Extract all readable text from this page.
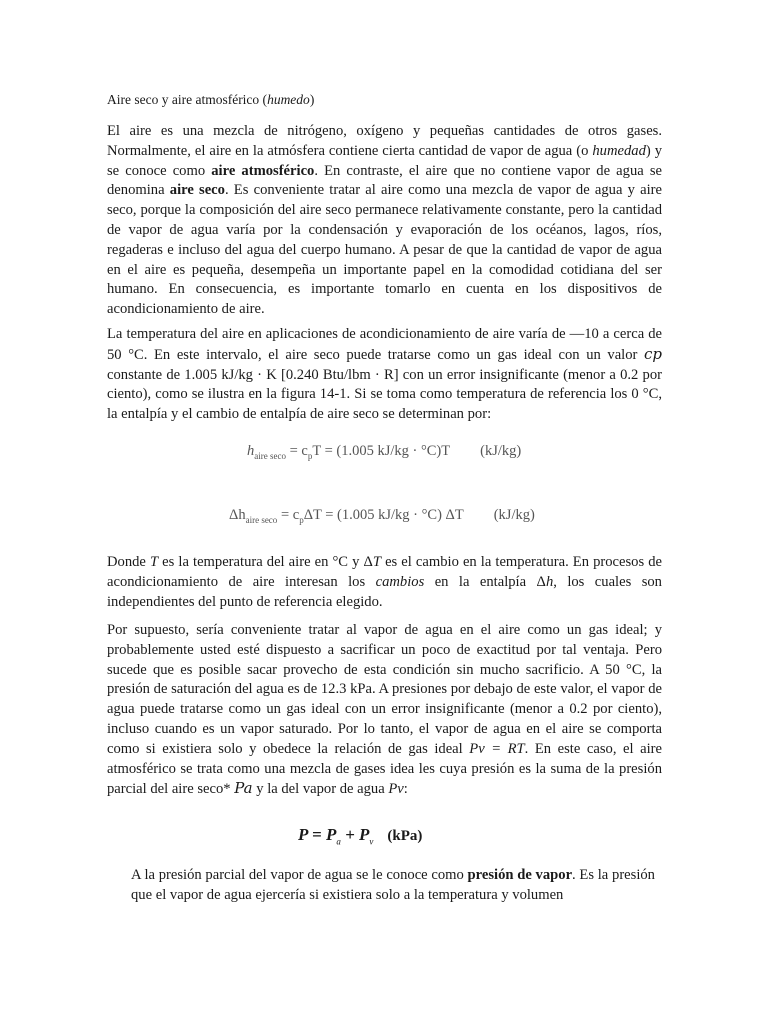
Aire seco y aire atmosférico (humedo)
El aire es una mezcla de nitrógeno, oxígeno y pequeñas cantidades de otros gases. Normalmente, el aire en la atmósfera contiene cierta cantidad de vapor de agua (o humedad) y se conoce como aire atmosférico. En contraste, el aire que no contiene vapor de agua se denomina aire seco. Es conveniente tratar al aire como una mezcla de vapor de agua y aire seco, porque la composición del aire seco permanece relativamente constante, pero la cantidad de vapor de agua varía por la condensación y evaporación de los océanos, lagos, ríos, regaderas e incluso del agua del cuerpo humano. A pesar de que la cantidad de vapor de agua en el aire es pequeña, desempeña un importante papel en la comodidad cotidiana del ser humano. En consecuencia, es importante tomarlo en cuenta en los dispositivos de acondicionamiento de aire.
La temperatura del aire en aplicaciones de acondicionamiento de aire varía de —10 a cerca de 50 °C. En este intervalo, el aire seco puede tratarse como un gas ideal con un valor cp constante de 1.005 kJ/kg · K [0.240 Btu/lbm · R] con un error insignificante (menor a 0.2 por ciento), como se ilustra en la figura 14-1. Si se toma como temperatura de referencia los 0 °C, la entalpía y el cambio de entalpía de aire seco se determinan por:
$h_{aire seco} = c_pT = (1.005$ kJ/kg · °C)T (kJ/kg)
$\Delta h_{aire seco} = c_p\Delta T = (1.005$ kJ/kg · °C) ΔT (kJ/kg)
Donde T es la temperatura del aire en °C y ΔT es el cambio en la temperatura. En procesos de acondicionamiento de aire interesan los cambios en la entalpía Δh, los cuales son independientes del punto de referencia elegido.
Por supuesto, sería conveniente tratar al vapor de agua en el aire como un gas ideal; y probablemente usted esté dispuesto a sacrificar un poco de exactitud por tal ventaja. Pero sucede que es posible sacar provecho de esta condición sin mucho sacrificio. A 50 °C, la presión de saturación del agua es de 12.3 kPa. A presiones por debajo de este valor, el vapor de agua puede tratarse como un gas ideal con un error insignificante (menor a 0.2 por ciento), incluso cuando es un vapor saturado. Por lo tanto, el vapor de agua en el aire se comporta como si existiera solo y obedece la relación de gas ideal Pv = RT. En este caso, el aire atmosférico se trata como una mezcla de gases idea les cuya presión es la suma de la presión parcial del aire seco* Pa y la del vapor de agua Pv:
$P = P_a + P_v$ (kPa)
A la presión parcial del vapor de agua se le conoce como presión de vapor. Es la presión que el vapor de agua ejercería si existiera solo a la temperatura y volumen
